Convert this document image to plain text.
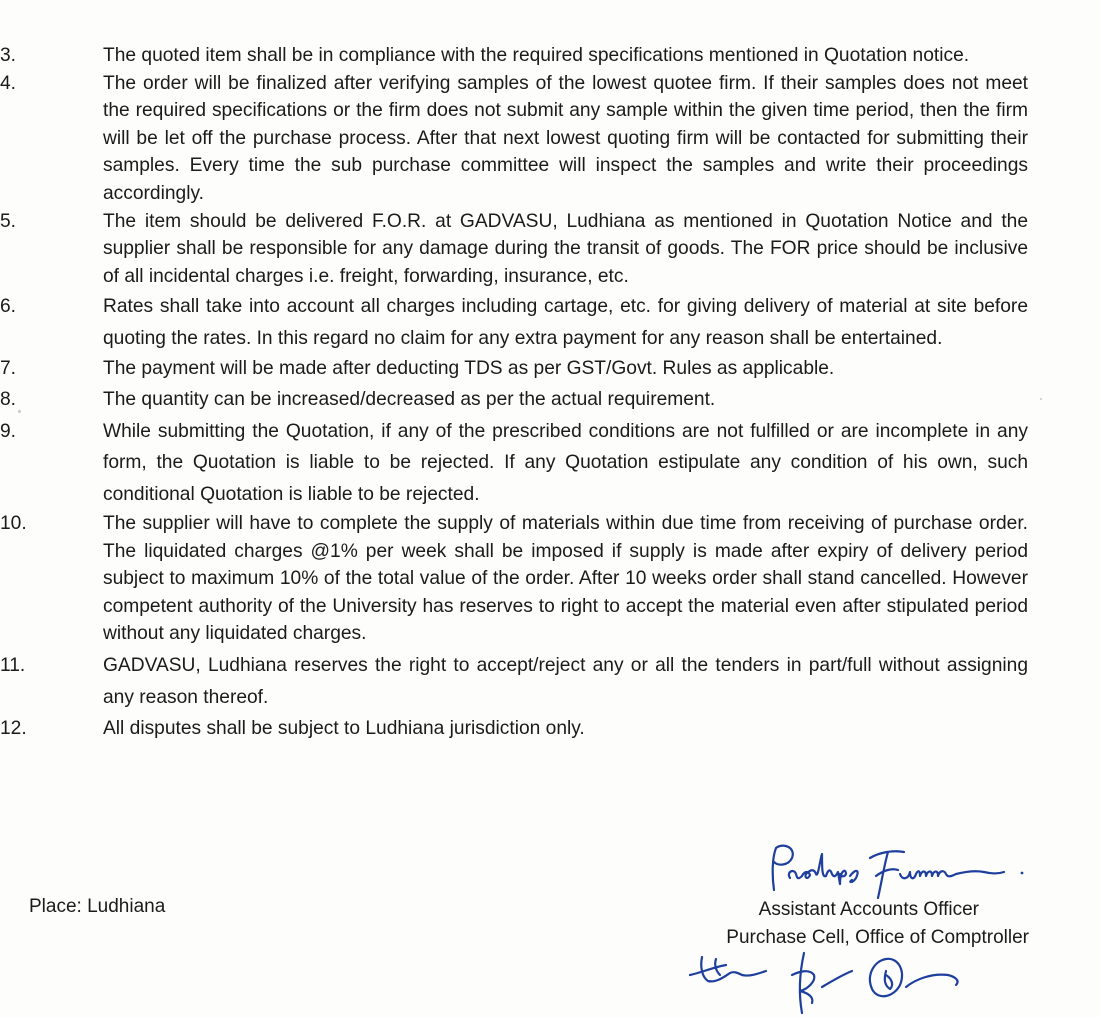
3.	The quoted item shall be in compliance with the required specifications mentioned in Quotation notice.
4.	The order will be finalized after verifying samples of the lowest quotee firm. If their samples does not meet the required specifications or the firm does not submit any sample within the given time period, then the firm will be let off the purchase process. After that next lowest quoting firm will be contacted for submitting their samples. Every time the sub purchase committee will inspect the samples and write their proceedings accordingly.
5.	The item should be delivered F.O.R. at GADVASU, Ludhiana as mentioned in Quotation Notice and the supplier shall be responsible for any damage during the transit of goods. The FOR price should be inclusive of all incidental charges i.e. freight, forwarding, insurance, etc.
6.	Rates shall take into account all charges including cartage, etc. for giving delivery of material at site before quoting the rates. In this regard no claim for any extra payment for any reason shall be entertained.
7.	The payment will be made after deducting TDS as per GST/Govt. Rules as applicable.
8.	The quantity can be increased/decreased as per the actual requirement.
9.	While submitting the Quotation, if any of the prescribed conditions are not fulfilled or are incomplete in any form, the Quotation is liable to be rejected. If any Quotation estipulate any condition of his own, such conditional Quotation is liable to be rejected.
10.	The supplier will have to complete the supply of materials within due time from receiving of purchase order. The liquidated charges @1% per week shall be imposed if supply is made after expiry of delivery period subject to maximum 10% of the total value of the order. After 10 weeks order shall stand cancelled. However competent authority of the University has reserves to right to accept the material even after stipulated period without any liquidated charges.
11.	GADVASU, Ludhiana reserves the right to accept/reject any or all the tenders in part/full without assigning any reason thereof.
12.	All disputes shall be subject to Ludhiana jurisdiction only.
Place: Ludhiana	Assistant Accounts Officer
Purchase Cell, Office of Comptroller
